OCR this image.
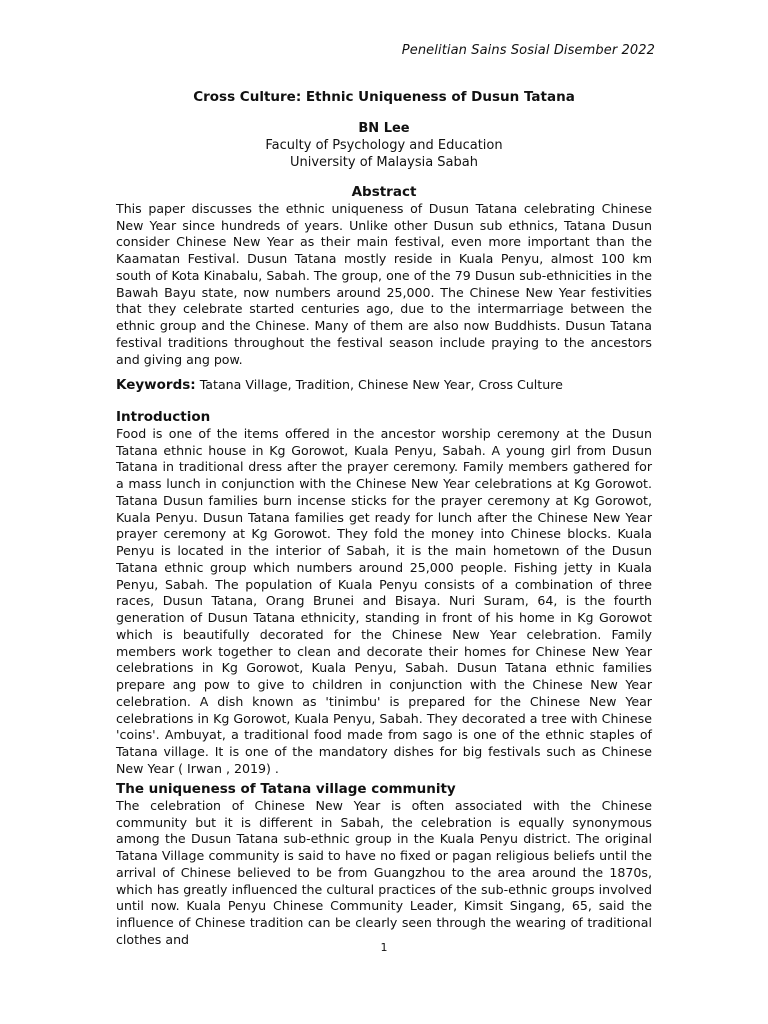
Penelitian Sains Sosial Disember 2022
Cross Culture: Ethnic Uniqueness of Dusun Tatana
BN Lee
Faculty of Psychology and Education
University of Malaysia Sabah
Abstract

This paper discusses the ethnic uniqueness of Dusun Tatana celebrating Chinese New Year since hundreds of years. Unlike other Dusun sub ethnics, Tatana Dusun consider Chinese New Year as their main festival, even more important than the Kaamatan Festival. Dusun Tatana mostly reside in Kuala Penyu, almost 100 km south of Kota Kinabalu, Sabah. The group, one of the 79 Dusun sub-ethnicities in the Bawah Bayu state, now numbers around 25,000. The Chinese New Year festivities that they celebrate started centuries ago, due to the intermarriage between the ethnic group and the Chinese. Many of them are also now Buddhists. Dusun Tatana festival traditions throughout the festival season include praying to the ancestors and giving ang pow.

Keywords: Tatana Village, Tradition, Chinese New Year, Cross Culture
Introduction

Food is one of the items offered in the ancestor worship ceremony at the Dusun Tatana ethnic house in Kg Gorowot, Kuala Penyu, Sabah. A young girl from Dusun Tatana in traditional dress after the prayer ceremony. Family members gathered for a mass lunch in conjunction with the Chinese New Year celebrations at Kg Gorowot. Tatana Dusun families burn incense sticks for the prayer ceremony at Kg Gorowot, Kuala Penyu. Dusun Tatana families get ready for lunch after the Chinese New Year prayer ceremony at Kg Gorowot. They fold the money into Chinese blocks. Kuala Penyu is located in the interior of Sabah, it is the main hometown of the Dusun Tatana ethnic group which numbers around 25,000 people. Fishing jetty in Kuala Penyu, Sabah. The population of Kuala Penyu consists of a combination of three races, Dusun Tatana, Orang Brunei and Bisaya. Nuri Suram, 64, is the fourth generation of Dusun Tatana ethnicity, standing in front of his home in Kg Gorowot which is beautifully decorated for the Chinese New Year celebration. Family members work together to clean and decorate their homes for Chinese New Year celebrations in Kg Gorowot, Kuala Penyu, Sabah. Dusun Tatana ethnic families prepare ang pow to give to children in conjunction with the Chinese New Year celebration. A dish known as 'tinimbu' is prepared for the Chinese New Year celebrations in Kg Gorowot, Kuala Penyu, Sabah. They decorated a tree with Chinese 'coins'. Ambuyat, a traditional food made from sago is one of the ethnic staples of Tatana village. It is one of the mandatory dishes for big festivals such as Chinese New Year ( Irwan , 2019) .

The uniqueness of Tatana village community

The celebration of Chinese New Year is often associated with the Chinese community but it is different in Sabah, the celebration is equally synonymous among the Dusun Tatana sub-ethnic group in the Kuala Penyu district. The original Tatana Village community is said to have no fixed or pagan religious beliefs until the arrival of Chinese believed to be from Guangzhou to the area around the 1870s, which has greatly influenced the cultural practices of the sub-ethnic groups involved until now. Kuala Penyu Chinese Community Leader, Kimsit Singang, 65, said the influence of Chinese tradition can be clearly seen through the wearing of traditional clothes and

1
